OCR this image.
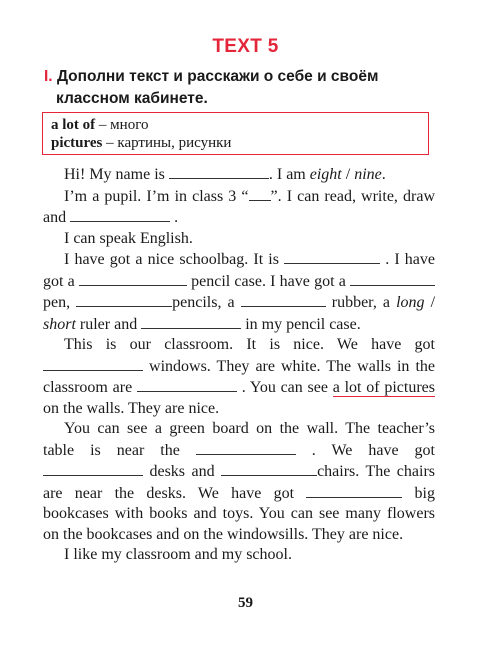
TEXT 5
I. Дополни текст и расскажи о себе и своём
классном кабинете.
a lot of – много
pictures – картины, рисунки

Hi! My name is	. I am eight / nine.

I’m a pupil. I’m in class 3 “ ”. I can read, write, draw and	.

I can speak English.

I have got a nice schoolbag. It is	. I have got a	pencil case. I have got a pen,	pencils, a	rubber, a long / short ruler and	in my pencil case.

This is our classroom. It is nice. We have got  windows. They are white. The walls in the classroom are	. You can see a lot of pictures on the walls. They are nice.

You can see a green board on the wall. The teacher’s table is near the	. We have got  desks and	chairs. The chairs are near the desks. We have got	big bookcases with books and toys. You can see many flowers on the bookcases and on the windowsills. They are nice.

I like my classroom and my school.

59
